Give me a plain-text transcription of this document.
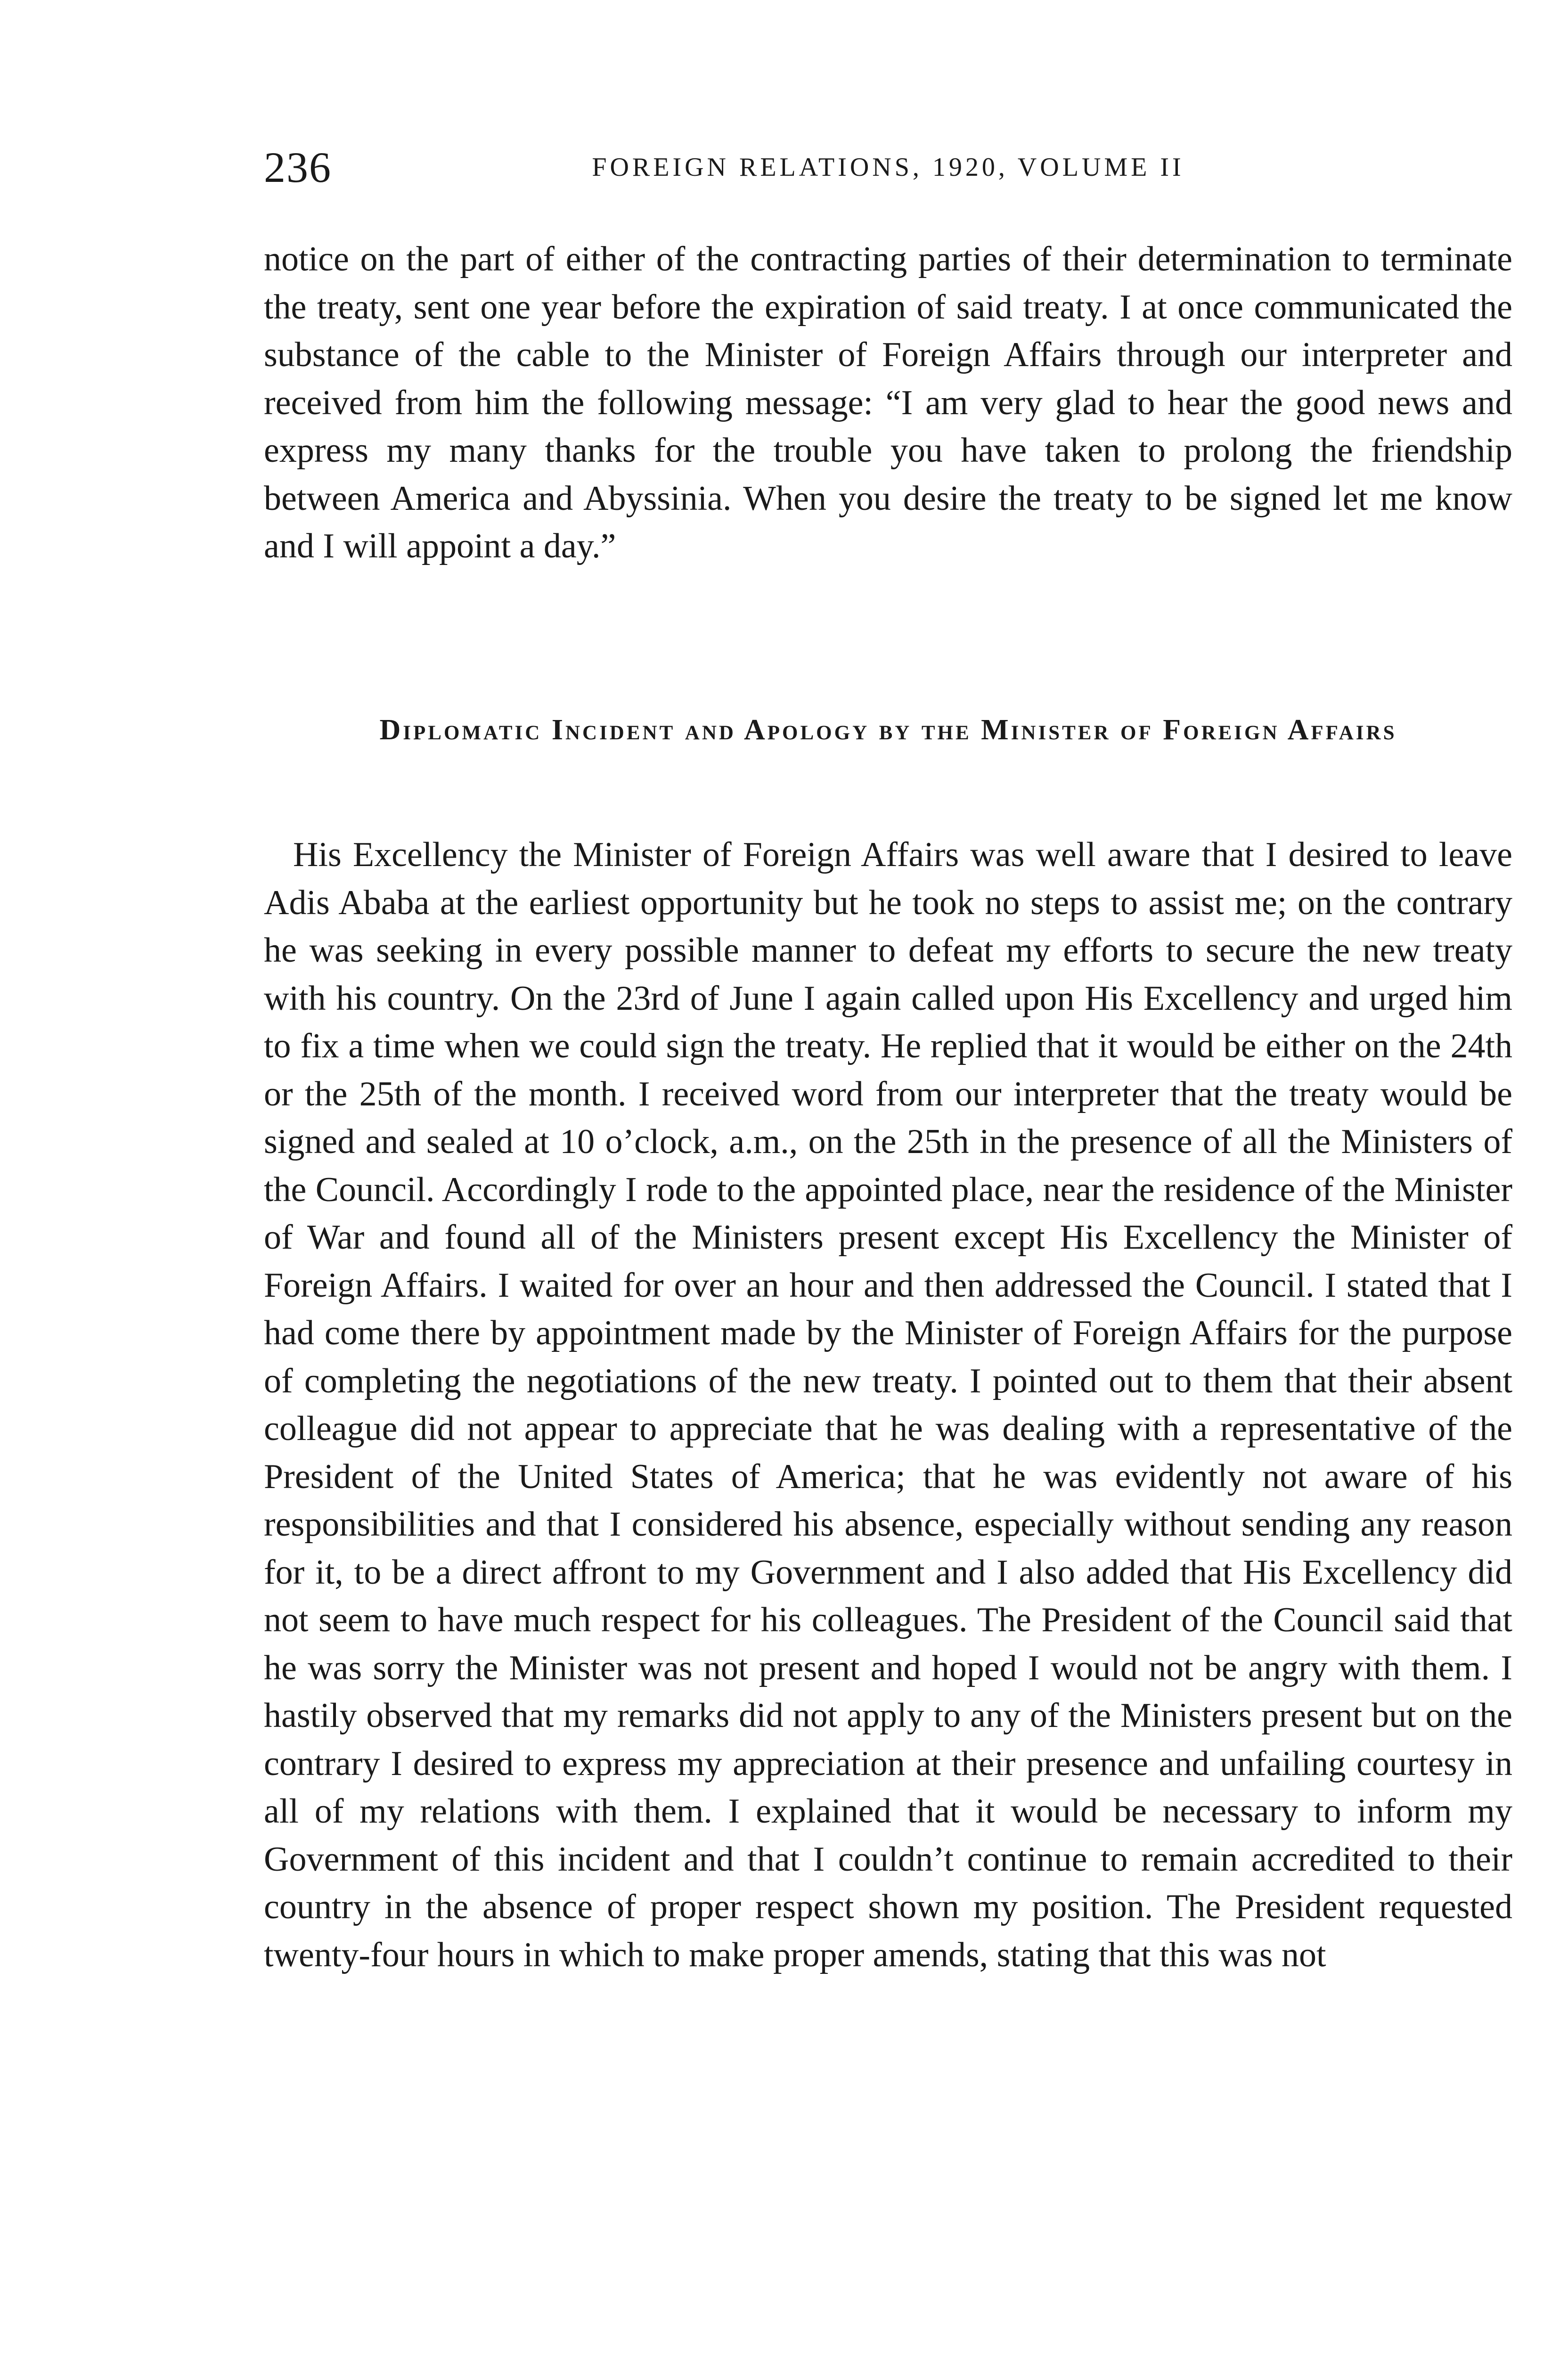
236	FOREIGN RELATIONS, 1920, VOLUME II

notice on the part of either of the contracting parties of their determination to terminate the treaty, sent one year before the expiration of said treaty. I at once communicated the substance of the cable to the Minister of Foreign Affairs through our interpreter and received from him the following message: “I am very glad to hear the good news and express my many thanks for the trouble you have taken to prolong the friendship between America and Abyssinia. When you desire the treaty to be signed let me know and I will appoint a day.”

Diplomatic Incident and Apology by the Minister of Foreign Affairs

His Excellency the Minister of Foreign Affairs was well aware that I desired to leave Adis Ababa at the earliest opportunity but he took no steps to assist me; on the contrary he was seeking in every possible manner to defeat my efforts to secure the new treaty with his country. On the 23rd of June I again called upon His Excellency and urged him to fix a time when we could sign the treaty. He replied that it would be either on the 24th or the 25th of the month. I received word from our interpreter that the treaty would be signed and sealed at 10 o’clock, a.m., on the 25th in the presence of all the Ministers of the Council. Accordingly I rode to the appointed place, near the residence of the Minister of War and found all of the Ministers present except His Excellency the Minister of Foreign Affairs. I waited for over an hour and then addressed the Council. I stated that I had come there by appointment made by the Minister of Foreign Affairs for the purpose of completing the negotiations of the new treaty. I pointed out to them that their absent colleague did not appear to appreciate that he was dealing with a representative of the President of the United States of America; that he was evidently not aware of his responsibilities and that I considered his absence, especially without sending any reason for it, to be a direct affront to my Government and I also added that His Excellency did not seem to have much respect for his colleagues. The President of the Council said that he was sorry the Minister was not present and hoped I would not be angry with them. I hastily observed that my remarks did not apply to any of the Ministers present but on the contrary I desired to express my appreciation at their presence and unfailing courtesy in all of my relations with them. I explained that it would be necessary to inform my Government of this incident and that I couldn’t continue to remain accredited to their country in the absence of proper respect shown my position. The President requested twenty-four hours in which to make proper amends, stating that this was not
